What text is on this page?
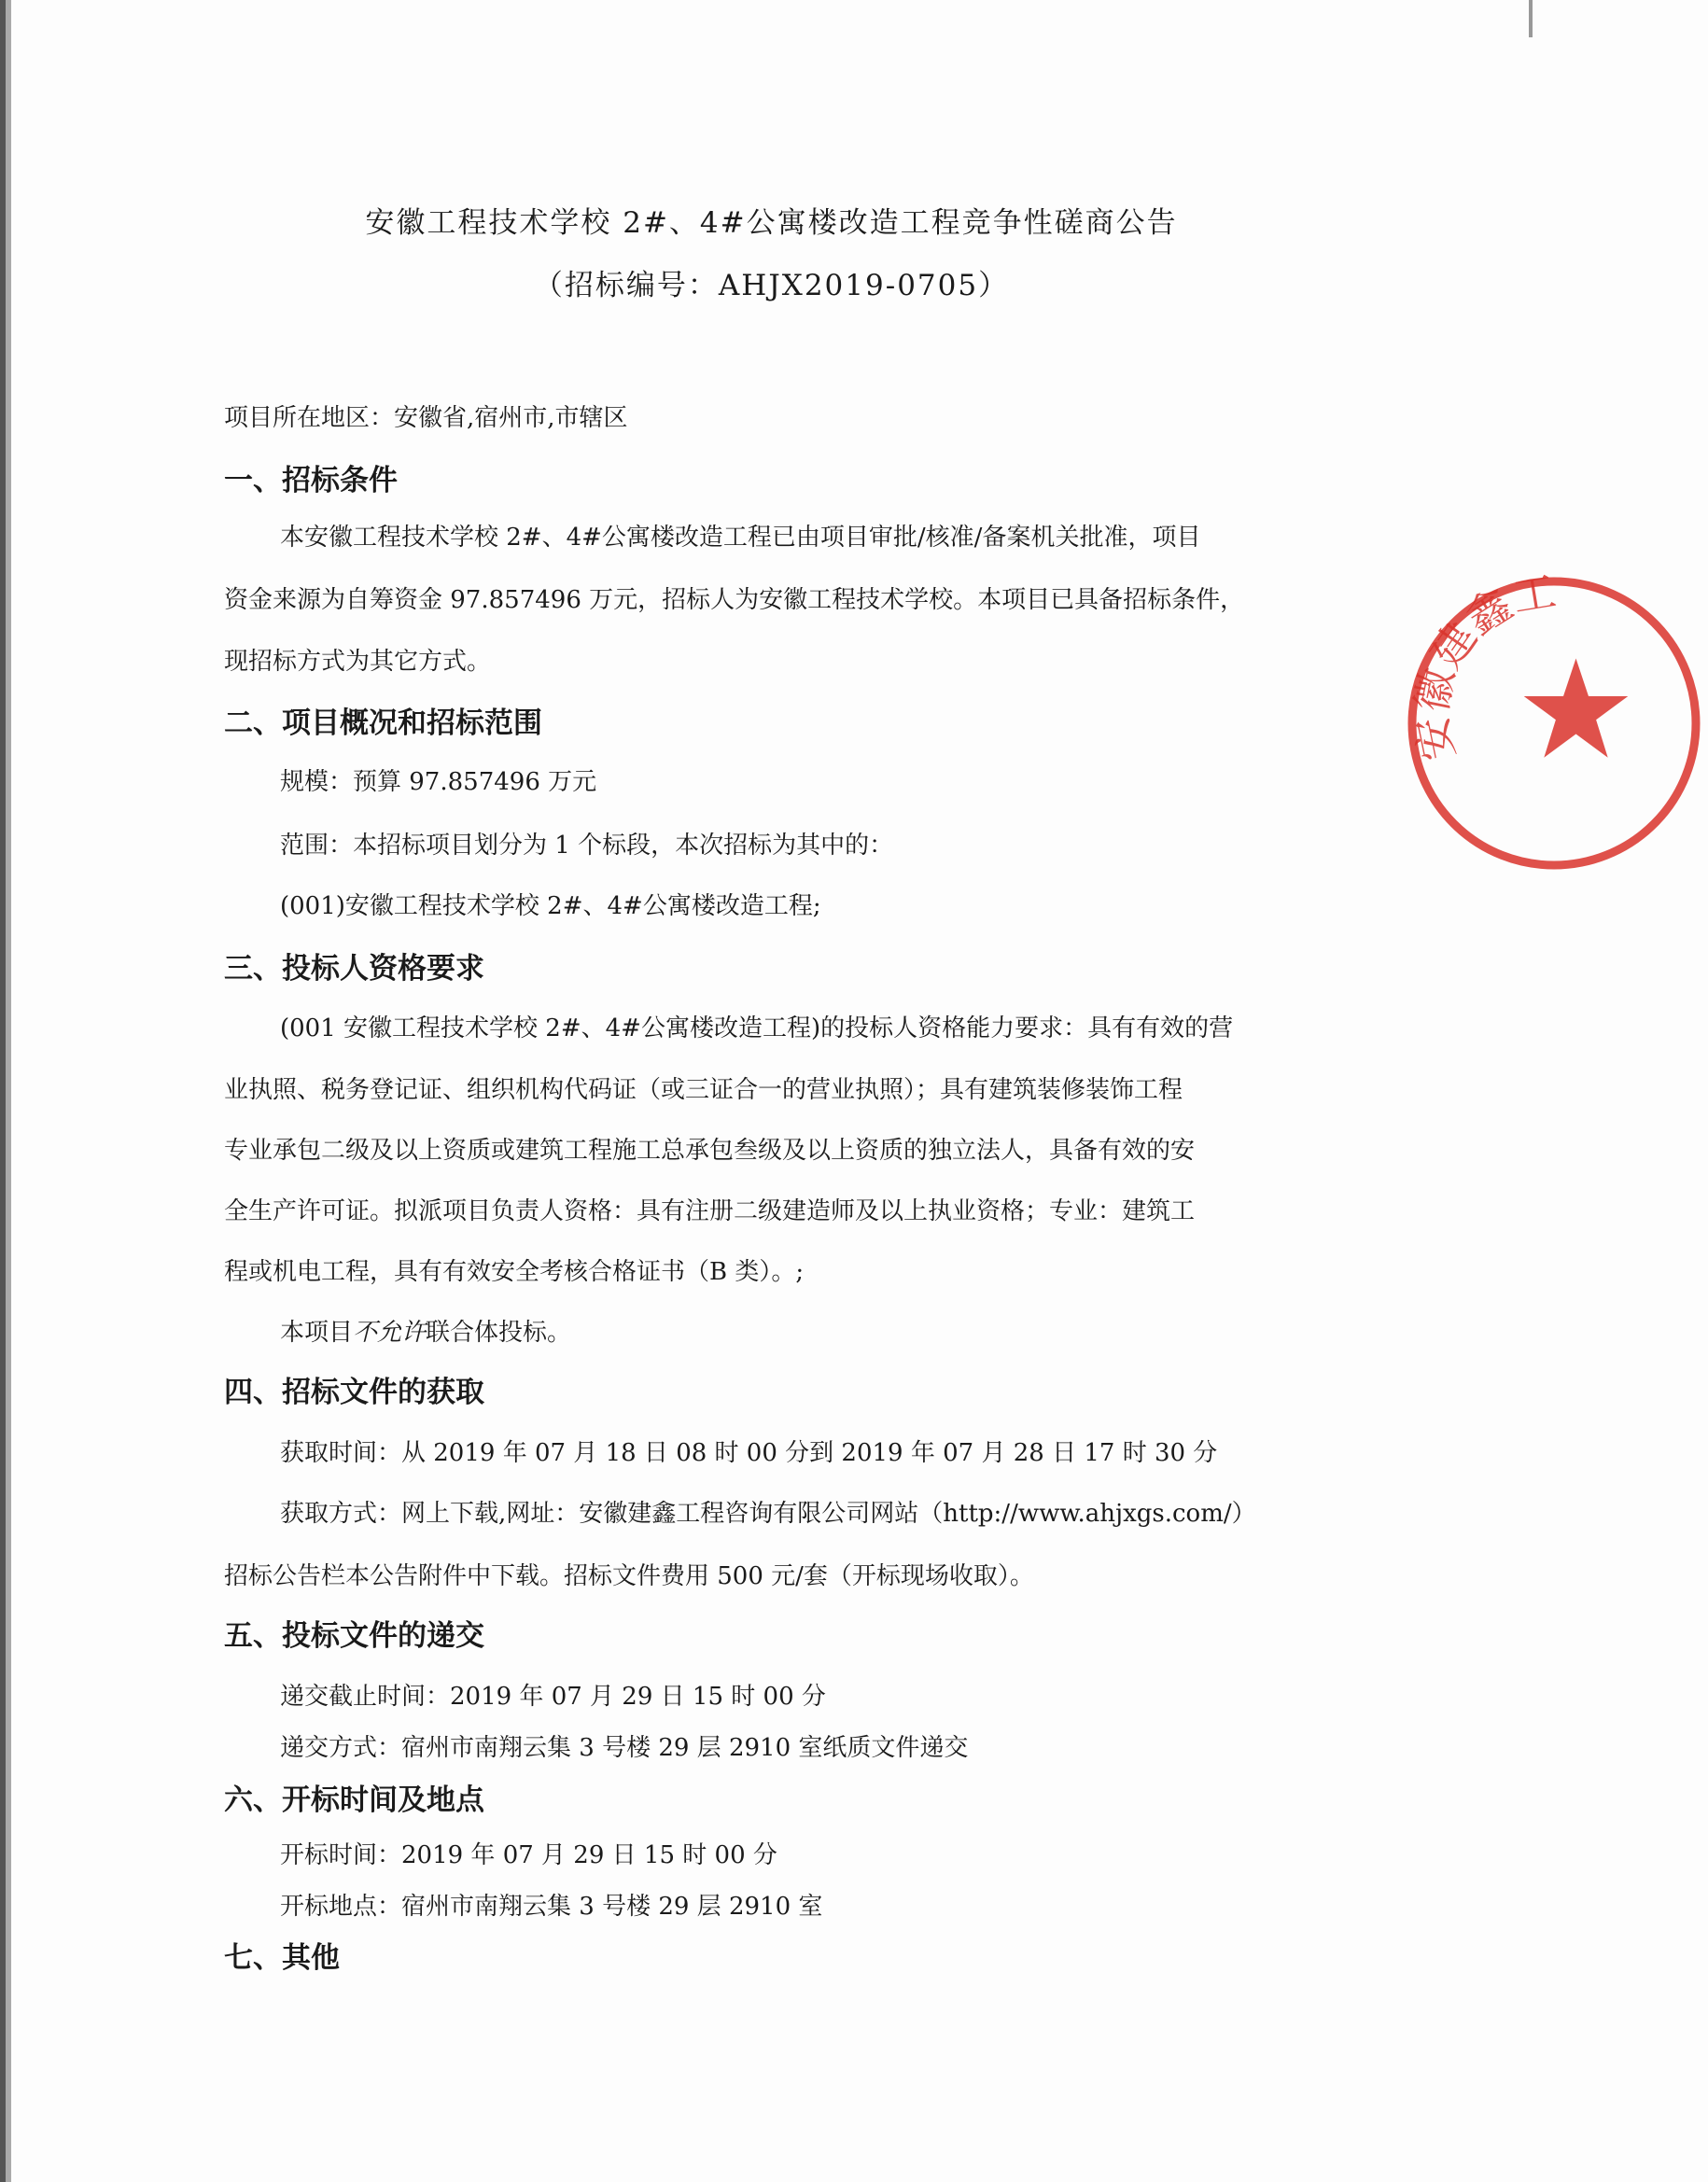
安徽工程技术学校 2#、4#公寓楼改造工程竞争性磋商公告
（招标编号：AHJX2019-0705）
项目所在地区：安徽省,宿州市,市辖区
一、招标条件
本安徽工程技术学校 2#、4#公寓楼改造工程已由项目审批/核准/备案机关批准，项目
资金来源为自筹资金 97.857496 万元，招标人为安徽工程技术学校。本项目已具备招标条件，
现招标方式为其它方式。
二、项目概况和招标范围
规模：预算 97.857496 万元
范围：本招标项目划分为 1 个标段，本次招标为其中的：
(001)安徽工程技术学校 2#、4#公寓楼改造工程;
三、投标人资格要求
(001 安徽工程技术学校 2#、4#公寓楼改造工程)的投标人资格能力要求：具有有效的营
业执照、税务登记证、组织机构代码证（或三证合一的营业执照）；具有建筑装修装饰工程
专业承包二级及以上资质或建筑工程施工总承包叁级及以上资质的独立法人，具备有效的安
全生产许可证。拟派项目负责人资格：具有注册二级建造师及以上执业资格；专业：建筑工
程或机电工程，具有有效安全考核合格证书（B 类）。;
本项目不允许联合体投标。
四、招标文件的获取
获取时间：从 2019 年 07 月 18 日 08 时 00 分到 2019 年 07 月 28 日 17 时 30 分
获取方式：网上下载,网址：安徽建鑫工程咨询有限公司网站（http://www.ahjxgs.com/）
招标公告栏本公告附件中下载。招标文件费用 500 元/套（开标现场收取）。
五、投标文件的递交
递交截止时间：2019 年 07 月 29 日 15 时 00 分
递交方式：宿州市南翔云集 3 号楼 29 层 2910 室纸质文件递交
六、开标时间及地点
开标时间：2019 年 07 月 29 日 15 时 00 分
开标地点：宿州市南翔云集 3 号楼 29 层 2910 室
七、其他
安徽建鑫工
